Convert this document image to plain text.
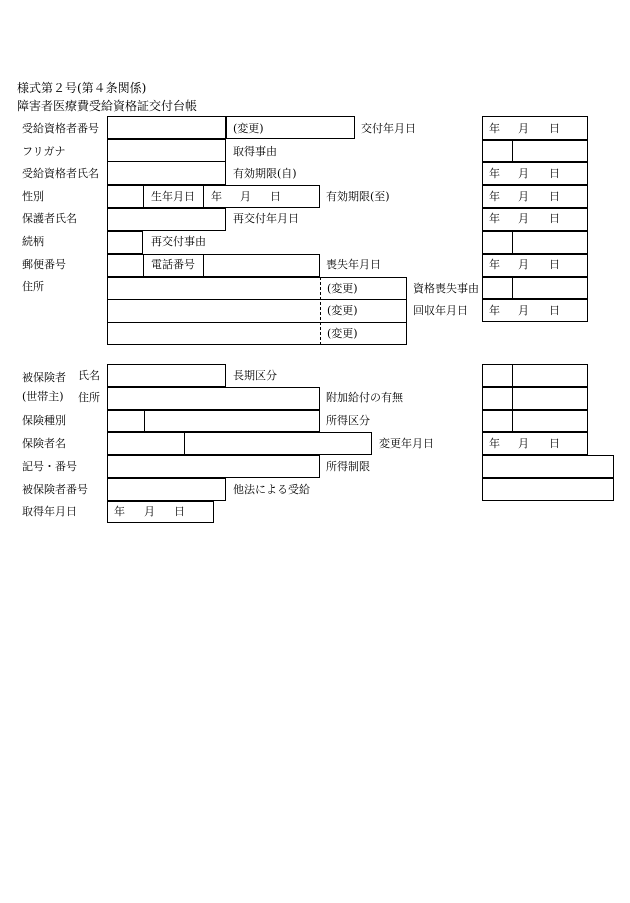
様式第２号(第４条関係)
障害者医療費受給資格証交付台帳
受給資格者番号
フリガナ
受給資格者氏名
性別
保護者氏名
続柄
郵便番号
住所
(変更)
生年月日 年 月 日
再交付事由
電話番号
(変更)
(変更)
(変更)
取得事由
有効期限(自)
有効期限(至)
再交付年月日
喪失年月日
交付年月日
資格喪失事由
回収年月日
年 月 日
年 月 日
年 月 日
年 月 日
年 月 日
年 月 日
被保険者
(世帯主)
氏名
住所
保険種別
保険者名
記号・番号
被保険者番号
取得年月日	年 月 日
長期区分
附加給付の有無
所得区分
変更年月日
所得制限
他法による受給
年 月 日
